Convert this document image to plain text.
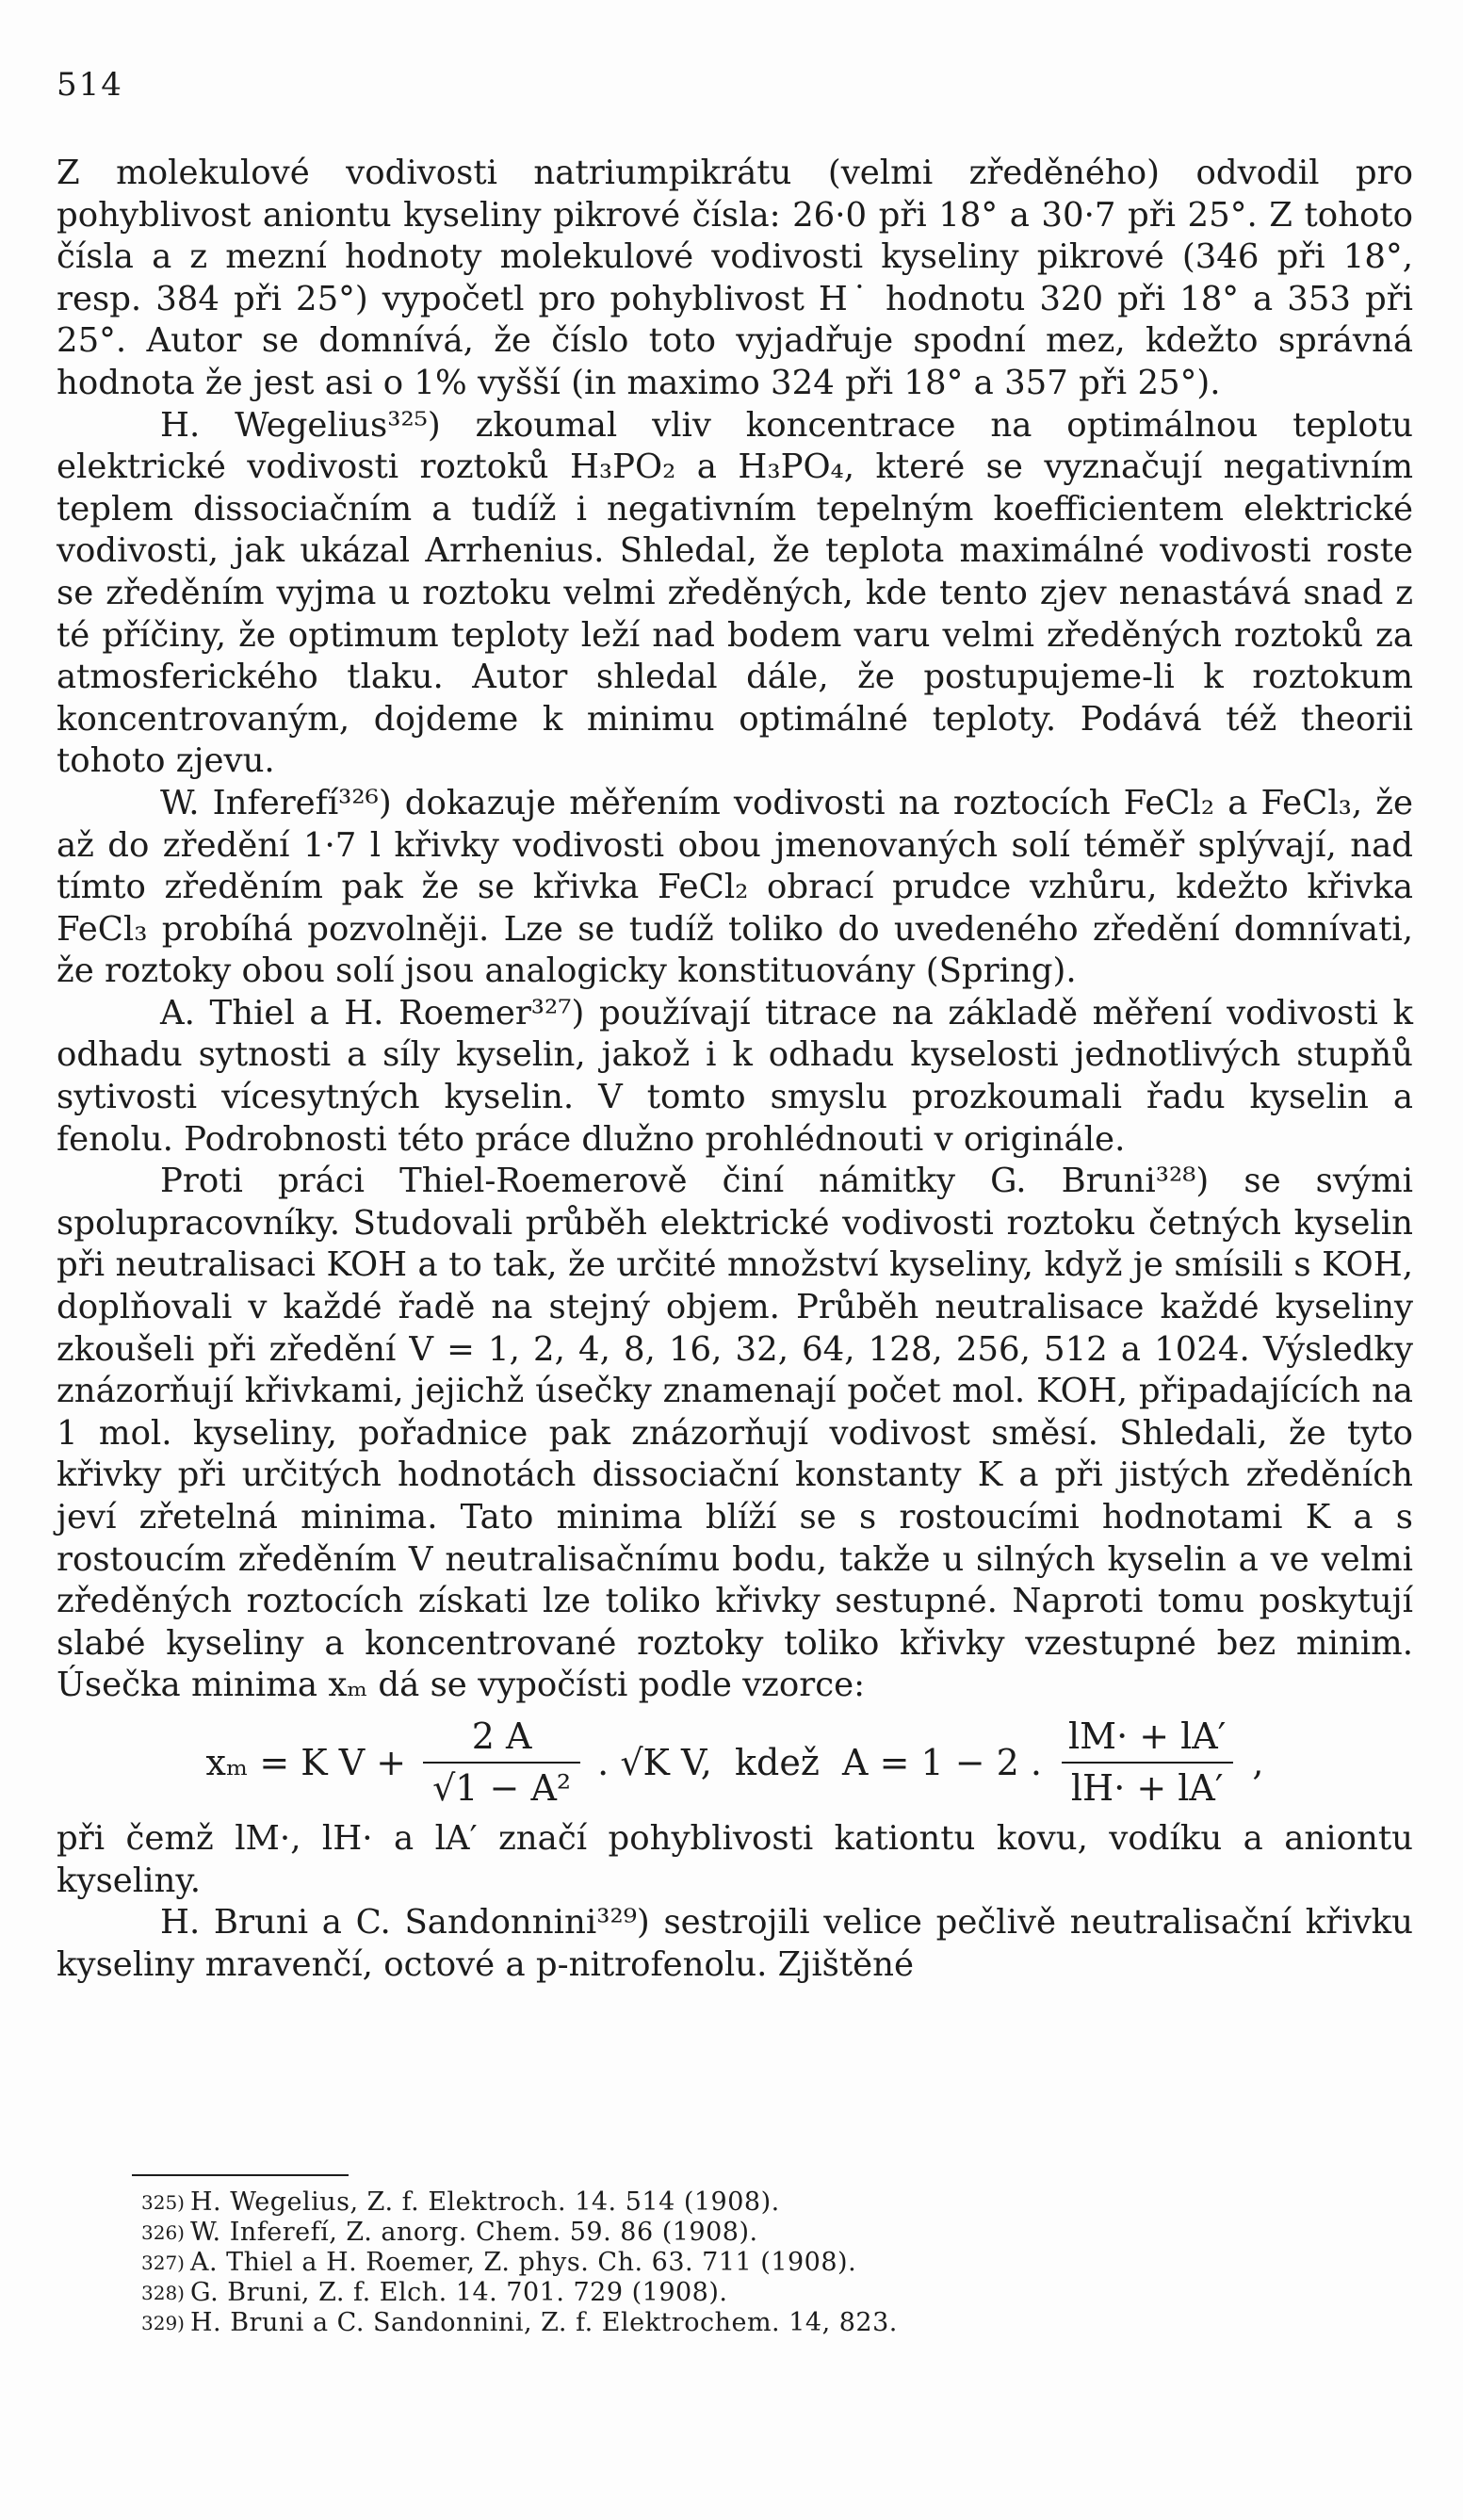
514

Z molekulové vodivosti natriumpikrátu (velmi zředěného) odvodil pro pohyblivost aniontu kyseliny pikrové čísla: 26·0 při 18° a 30·7 při 25°. Z tohoto čísla a z mezní hodnoty molekulové vodivosti kyseliny pikrové (346 při 18°, resp. 384 při 25°) vypočetl pro pohyblivost H˙ hodnotu 320 při 18° a 353 při 25°. Autor se domnívá, že číslo toto vyjadřuje spodní mez, kdežto správná hodnota že jest asi o 1% vyšší (in maximo 324 při 18° a 357 při 25°).

H. Wegelius³²⁵) zkoumal vliv koncentrace na optimálnou teplotu elektrické vodivosti roztoků H₃PO₂ a H₃PO₄, které se vyznačují negativním teplem dissociačním a tudíž i negativním tepelným koefficientem elektrické vodivosti, jak ukázal Arrhenius. Shledal, že teplota maximálné vodivosti roste se zředěním vyjma u roztoku velmi zředěných, kde tento zjev nenastává snad z té příčiny, že optimum teploty leží nad bodem varu velmi zředěných roztoků za atmosferického tlaku. Autor shledal dále, že postupujeme-li k roztokum koncentrovaným, dojdeme k minimu optimálné teploty. Podává též theorii tohoto zjevu.

W. Inferefí³²⁶) dokazuje měřením vodivosti na roztocích FeCl₂ a FeCl₃, že až do zředění 1·7 l křivky vodivosti obou jmenovaných solí téměř splývají, nad tímto zředěním pak že se křivka FeCl₂ obrací prudce vzhůru, kdežto křivka FeCl₃ probíhá pozvolněji. Lze se tudíž toliko do uvedeného zředění domnívati, že roztoky obou solí jsou analogicky konstituovány (Spring).

A. Thiel a H. Roemer³²⁷) používají titrace na základě měření vodivosti k odhadu sytnosti a síly kyselin, jakož i k odhadu kyselosti jednotlivých stupňů sytivosti vícesytných kyselin. V tomto smyslu prozkoumali řadu kyselin a fenolu. Podrobnosti této práce dlužno prohlédnouti v originále.

Proti práci Thiel-Roemerově činí námitky G. Bruni³²⁸) se svými spolupracovníky. Studovali průběh elektrické vodivosti roztoku četných kyselin při neutralisaci KOH a to tak, že určité množství kyseliny, když je smísili s KOH, doplňovali v každé řadě na stejný objem. Průběh neutralisace každé kyseliny zkoušeli při zředění V = 1, 2, 4, 8, 16, 32, 64, 128, 256, 512 a 1024. Výsledky znázorňují křivkami, jejichž úsečky znamenají počet mol. KOH, připadajících na 1 mol. kyseliny, pořadnice pak znázorňují vodivost směsí. Shledali, že tyto křivky při určitých hodnotách dissociační konstanty K a při jistých zředěních jeví zřetelná minima. Tato minima blíží se s rostoucími hodnotami K a s rostoucím zředěním V neutralisačnímu bodu, takže u silných kyselin a ve velmi zředěných roztocích získati lze toliko křivky sestupné. Naproti tomu poskytují slabé kyseliny a koncentrované roztoky toliko křivky vzestupné bez minim. Úsečka minima xₘ dá se vypočísti podle vzorce:

xₘ = K $V + \frac{2 A}{\text{√1 − A²}}$ . √K V,  kdež  A = 1 − 2 . $\frac{lM\cdot + lA'}{lH\cdot + lA'}$ ,

při čemž lM·, lH· a lA′ značí pohyblivosti kationtu kovu, vodíku a aniontu kyseliny.

H. Bruni a C. Sandonnini³²⁹) sestrojili velice pečlivě neutralisační křivku kyseliny mravenčí, octové a p-nitrofenolu. Zjištěné

325) H. Wegelius, Z. f. Elektroch. 14. 514 (1908).
326) W. Inferefí, Z. anorg. Chem. 59. 86 (1908).
327) A. Thiel a H. Roemer, Z. phys. Ch. 63. 711 (1908).
328) G. Bruni, Z. f. Elch. 14. 701. 729 (1908).
329) H. Bruni a C. Sandonnini, Z. f. Elektrochem. 14, 823.
